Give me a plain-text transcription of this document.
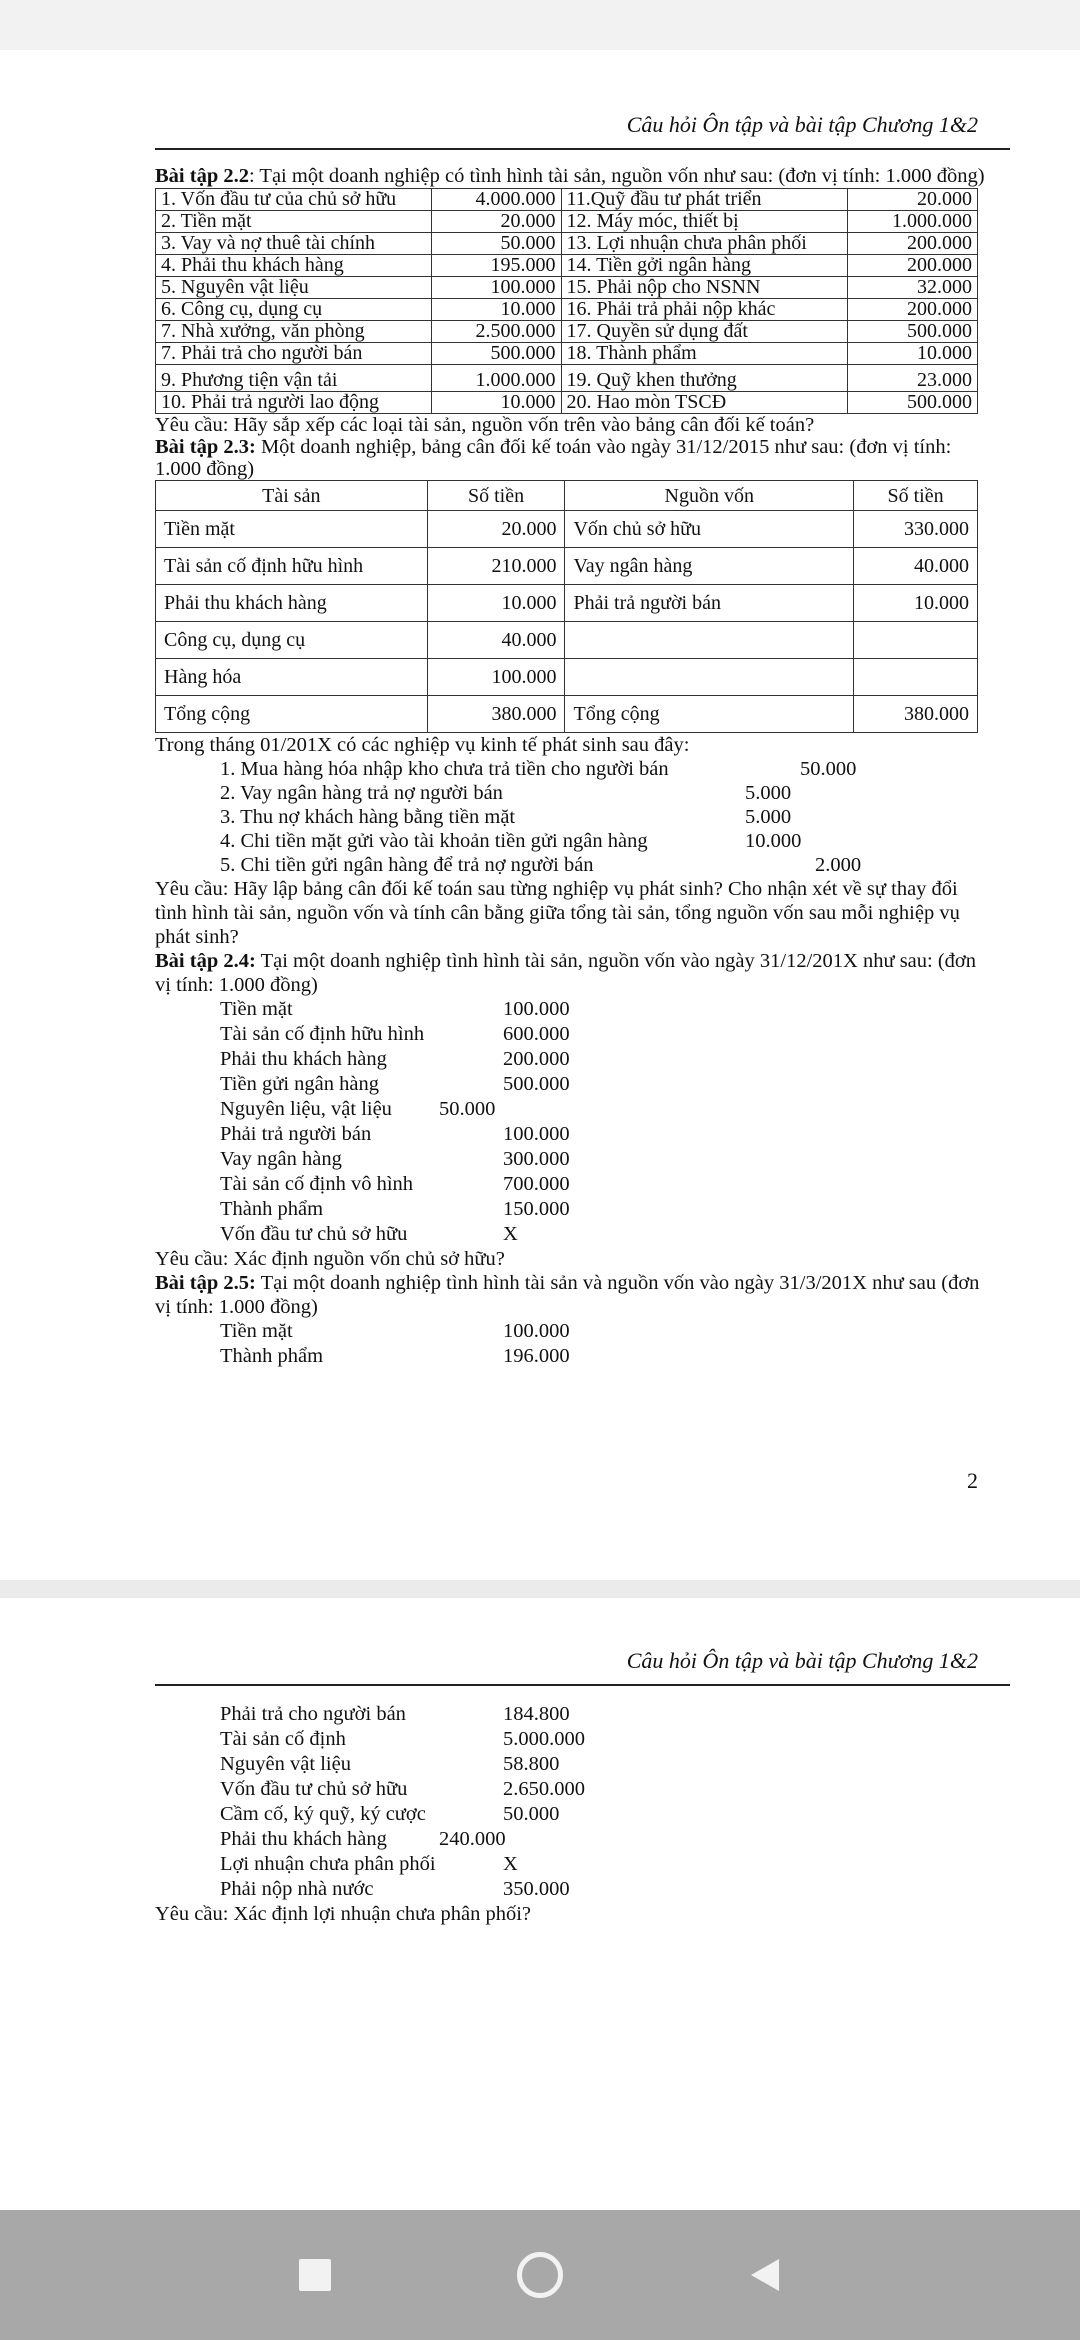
Câu hỏi Ôn tập và bài tập Chương 1&2

Bài tập 2.2: Tại một doanh nghiệp có tình hình tài sản, nguồn vốn như sau: (đơn vị tính: 1.000 đồng)

1. Vốn đầu tư của chủ sở hữu	4.000.000	11.Quỹ đầu tư phát triển	20.000
2. Tiền mặt	20.000	12. Máy móc, thiết bị	1.000.000
3. Vay và nợ thuê tài chính	50.000	13. Lợi nhuận chưa phân phối	200.000
4. Phải thu khách hàng	195.000	14. Tiền gởi ngân hàng	200.000
5. Nguyên vật liệu	100.000	15. Phải nộp cho NSNN	32.000
6. Công cụ, dụng cụ	10.000	16. Phải trả phải nộp khác	200.000
7. Nhà xưởng, văn phòng	2.500.000	17. Quyền sử dụng đất	500.000
7. Phải trả cho người bán	500.000	18. Thành phẩm	10.000
9. Phương tiện vận tải	1.000.000	19. Quỹ khen thưởng	23.000
10. Phải trả người lao động	10.000	20. Hao mòn TSCĐ	500.000

Yêu cầu: Hãy sắp xếp các loại tài sản, nguồn vốn trên vào bảng cân đối kế toán?

Bài tập 2.3: Một doanh nghiệp, bảng cân đối kế toán vào ngày 31/12/2015 như sau: (đơn vị tính: 1.000 đồng)

Tài sản	Số tiền	Nguồn vốn	Số tiền
Tiền mặt	20.000	Vốn chủ sở hữu	330.000
Tài sản cố định hữu hình	210.000	Vay ngân hàng	40.000
Phải thu khách hàng	10.000	Phải trả người bán	10.000
Công cụ, dụng cụ	40.000		
Hàng hóa	100.000		
Tổng cộng	380.000	Tổng cộng	380.000

Trong tháng 01/201X có các nghiệp vụ kinh tế phát sinh sau đây:

1. Mua hàng hóa nhập kho chưa trả tiền cho người bán	50.000
2. Vay ngân hàng trả nợ người bán	5.000
3. Thu nợ khách hàng bằng tiền mặt	5.000
4. Chi tiền mặt gửi vào tài khoản tiền gửi ngân hàng	10.000
5. Chi tiền gửi ngân hàng để trả nợ người bán	2.000

Yêu cầu: Hãy lập bảng cân đối kế toán sau từng nghiệp vụ phát sinh? Cho nhận xét về sự thay đổi tình hình tài sản, nguồn vốn và tính cân bằng giữa tổng tài sản, tổng nguồn vốn sau mỗi nghiệp vụ phát sinh?

Bài tập 2.4: Tại một doanh nghiệp tình hình tài sản, nguồn vốn vào ngày 31/12/201X như sau: (đơn vị tính: 1.000 đồng)

Tiền mặt	100.000
Tài sản cố định hữu hình	600.000
Phải thu khách hàng	200.000
Tiền gửi ngân hàng	500.000
Nguyên liệu, vật liệu 50.000
Phải trả người bán	100.000
Vay ngân hàng	300.000
Tài sản cố định vô hình	700.000
Thành phẩm	150.000
Vốn đầu tư chủ sở hữu	X

Yêu cầu: Xác định nguồn vốn chủ sở hữu?

Bài tập 2.5: Tại một doanh nghiệp tình hình tài sản và nguồn vốn vào ngày 31/3/201X như sau (đơn vị tính: 1.000 đồng)

Tiền mặt	100.000
Thành phẩm	196.000
2
Câu hỏi Ôn tập và bài tập Chương 1&2
Phải trả cho người bán	184.800
Tài sản cố định	5.000.000
Nguyên vật liệu	58.800
Vốn đầu tư chủ sở hữu	2.650.000
Cầm cố, ký quỹ, ký cược	50.000
Phải thu khách hàng	240.000
Lợi nhuận chưa phân phối	X
Phải nộp nhà nước	350.000

Yêu cầu: Xác định lợi nhuận chưa phân phối?
